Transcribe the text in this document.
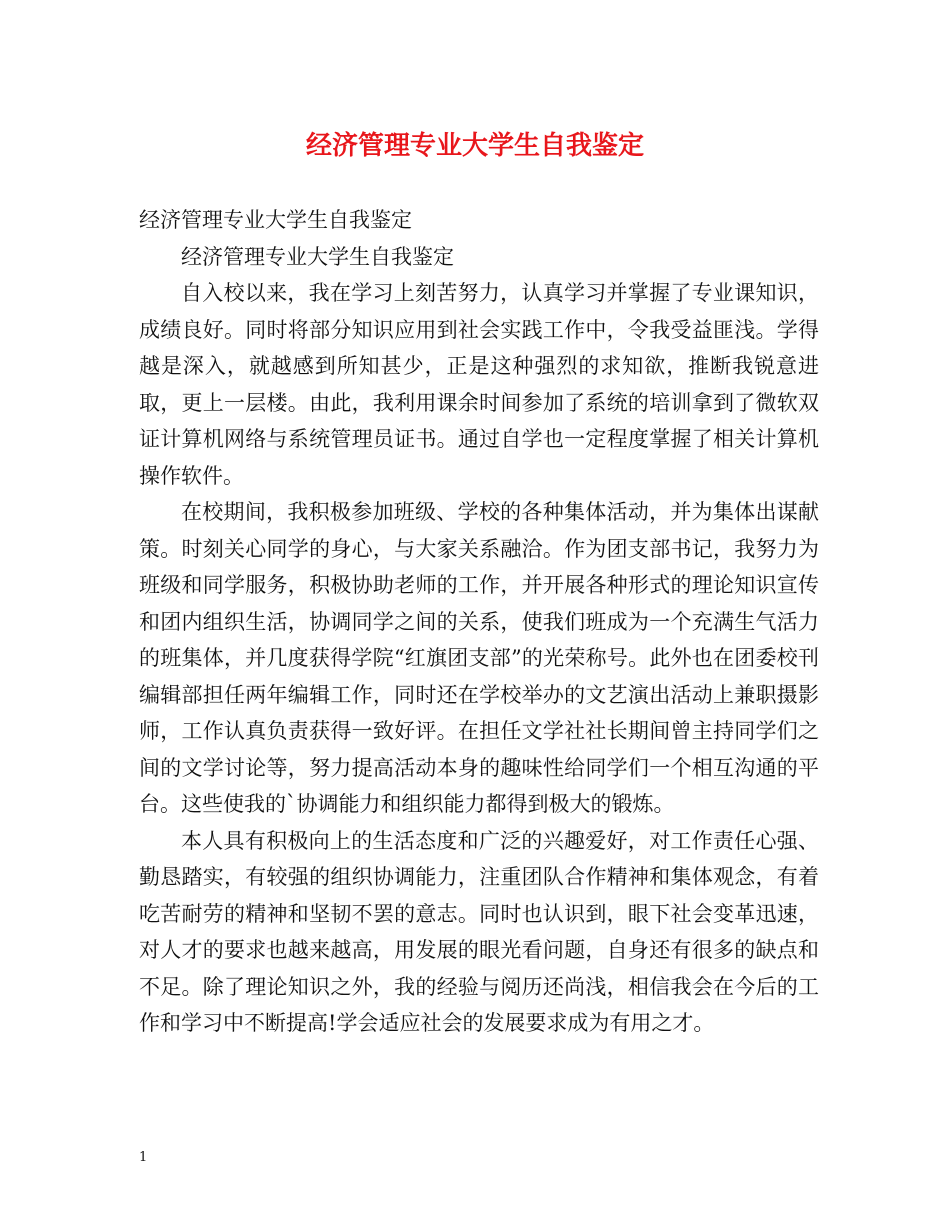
经济管理专业大学生自我鉴定
经济管理专业大学生自我鉴定
经济管理专业大学生自我鉴定

自入校以来，我在学习上刻苦努力，认真学习并掌握了专业课知识，成绩良好。同时将部分知识应用到社会实践工作中，令我受益匪浅。学得越是深入，就越感到所知甚少，正是这种强烈的求知欲，推断我锐意进取，更上一层楼。由此，我利用课余时间参加了系统的培训拿到了微软双证计算机网络与系统管理员证书。通过自学也一定程度掌握了相关计算机操作软件。

在校期间，我积极参加班级、学校的各种集体活动，并为集体出谋献策。时刻关心同学的身心，与大家关系融洽。作为团支部书记，我努力为班级和同学服务，积极协助老师的工作，并开展各种形式的理论知识宣传和团内组织生活，协调同学之间的关系，使我们班成为一个充满生气活力的班集体，并几度获得学院“红旗团支部”的光荣称号。此外也在团委校刊编辑部担任两年编辑工作，同时还在学校举办的文艺演出活动上兼职摄影师，工作认真负责获得一致好评。在担任文学社社长期间曾主持同学们之间的文学讨论等，努力提高活动本身的趣味性给同学们一个相互沟通的平台。这些使我的`协调能力和组织能力都得到极大的锻炼。

本人具有积极向上的生活态度和广泛的兴趣爱好，对工作责任心强、勤恳踏实，有较强的组织协调能力，注重团队合作精神和集体观念，有着吃苦耐劳的精神和坚韧不罢的意志。同时也认识到，眼下社会变革迅速，对人才的要求也越来越高，用发展的眼光看问题，自身还有很多的缺点和不足。除了理论知识之外，我的经验与阅历还尚浅，相信我会在今后的工作和学习中不断提高!学会适应社会的发展要求成为有用之才。

1
